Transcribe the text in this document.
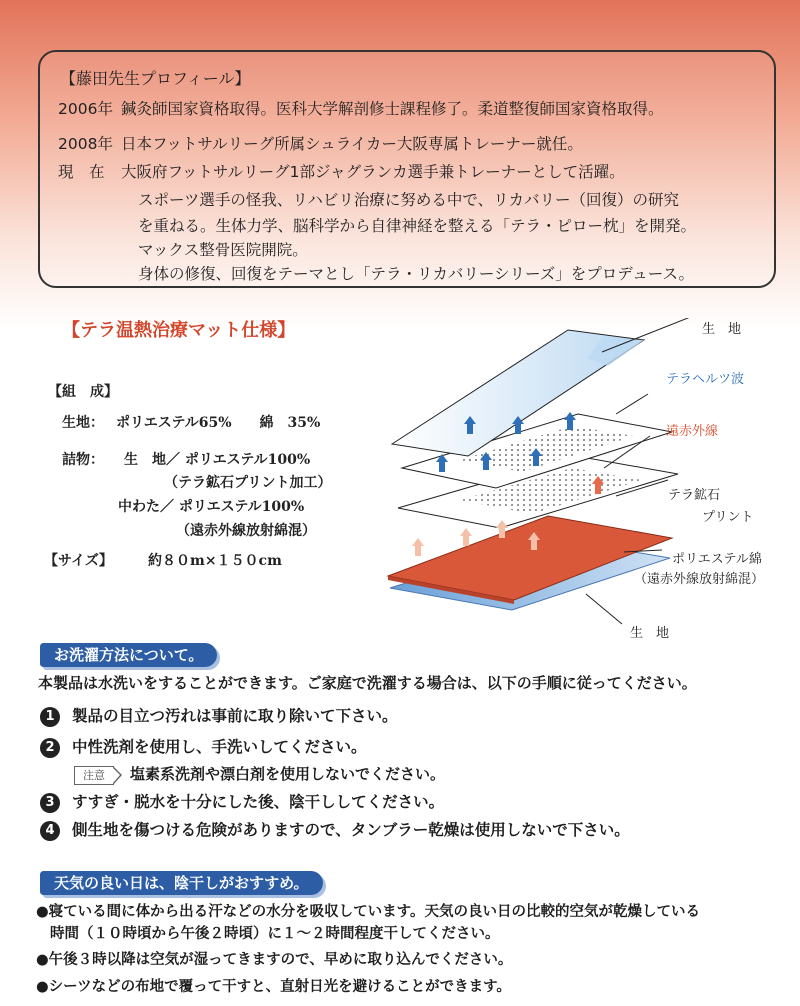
【藤田先生プロフィール】
2006年 鍼灸師国家資格取得。医科大学解剖修士課程修了。柔道整復師国家資格取得。
2008年 日本フットサルリーグ所属シュライカー大阪専属トレーナー就任。
現　在 大阪府フットサルリーグ1部ジャグランカ選手兼トレーナーとして活躍。
スポーツ選手の怪我、リハビリ治療に努める中で、リカバリー（回復）の研究
を重ねる。生体力学、脳科学から自律神経を整える「テラ・ピロー枕」を開発。
マックス整骨医院開院。
身体の修復、回復をテーマとし「テラ・リカバリーシリーズ」をプロデュース。
【テラ温熱治療マット仕様】
【組　成】
生地： ポリエステル65%　　綿　35%
詰物： 生　地／ ポリエステル100%
（テラ鉱石プリント加工）
中わた／ ポリエステル100%
（遠赤外線放射綿混）
【サイズ】	約８０m×１５０cm
生　地
テラヘルツ波
遠赤外線
テラ鉱石
プリント
ポリエステル綿
（遠赤外線放射綿混）
生　地
お洗濯方法について。
本製品は水洗いをすることができます。ご家庭で洗濯する場合は、以下の手順に従ってください。
1 製品の目立つ汚れは事前に取り除いて下さい。
2 中性洗剤を使用し、手洗いしてください。
注意 塩素系洗剤や漂白剤を使用しないでください。
3 すすぎ・脱水を十分にした後、陰干ししてください。
4 側生地を傷つける危険がありますので、タンブラー乾燥は使用しないで下さい。
天気の良い日は、陰干しがおすすめ。
●寝ている間に体から出る汗などの水分を吸収しています。天気の良い日の比較的空気が乾燥している
時間（１０時頃から午後２時頃）に１～２時間程度干してください。
●午後３時以降は空気が湿ってきますので、早めに取り込んでください。
●シーツなどの布地で覆って干すと、直射日光を避けることができます。
